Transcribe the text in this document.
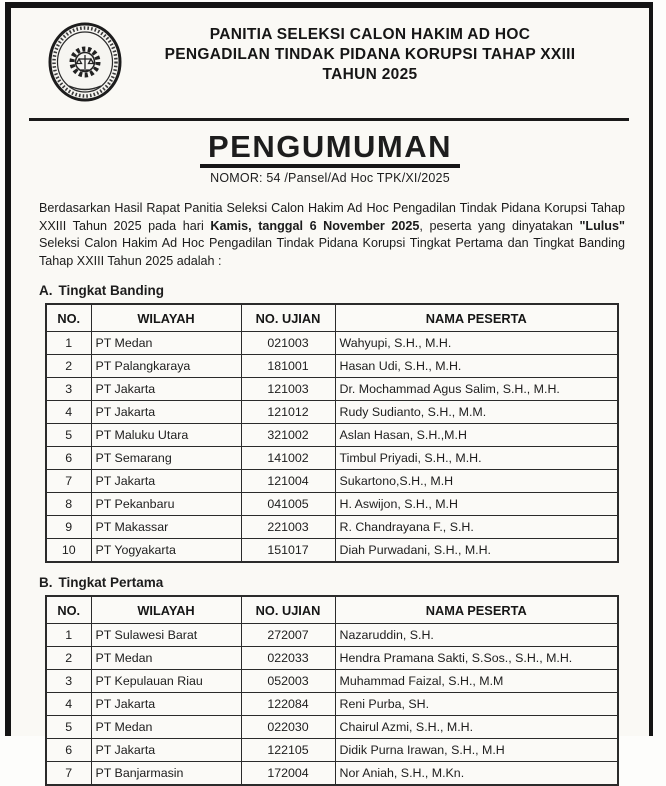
PANITIA SELEKSI CALON HAKIM AD HOC
PENGADILAN TINDAK PIDANA KORUPSI TAHAP XXIII
TAHUN 2025
PENGUMUMAN
NOMOR: 54 /Pansel/Ad Hoc TPK/XI/2025

Berdasarkan Hasil Rapat Panitia Seleksi Calon Hakim Ad Hoc Pengadilan Tindak Pidana Korupsi Tahap XXIII Tahun 2025 pada hari Kamis, tanggal 6 November 2025, peserta yang dinyatakan "Lulus" Seleksi Calon Hakim Ad Hoc Pengadilan Tindak Pidana Korupsi Tingkat Pertama dan Tingkat Banding Tahap XXIII Tahun 2025 adalah :

A. Tingkat Banding
NO.	WILAYAH	NO. UJIAN	NAMA PESERTA
1	PT Medan	021003	Wahyupi, S.H., M.H.
2	PT Palangkaraya	181001	Hasan Udi, S.H., M.H.
3	PT Jakarta	121003	Dr. Mochammad Agus Salim, S.H., M.H.
4	PT Jakarta	121012	Rudy Sudianto, S.H., M.M.
5	PT Maluku Utara	321002	Aslan Hasan, S.H.,M.H
6	PT Semarang	141002	Timbul Priyadi, S.H., M.H.
7	PT Jakarta	121004	Sukartono,S.H., M.H
8	PT Pekanbaru	041005	H. Aswijon, S.H., M.H
9	PT Makassar	221003	R. Chandrayana F., S.H.
10	PT Yogyakarta	151017	Diah Purwadani, S.H., M.H.
B. Tingkat Pertama
NO.	WILAYAH	NO. UJIAN	NAMA PESERTA
1	PT Sulawesi Barat	272007	Nazaruddin, S.H.
2	PT Medan	022033	Hendra Pramana Sakti, S.Sos., S.H., M.H.
3	PT Kepulauan Riau	052003	Muhammad Faizal, S.H., M.M
4	PT Jakarta	122084	Reni Purba, SH.
5	PT Medan	022030	Chairul Azmi, S.H., M.H.
6	PT Jakarta	122105	Didik Purna Irawan, S.H., M.H
7	PT Banjarmasin	172004	Nor Aniah, S.H., M.Kn.
